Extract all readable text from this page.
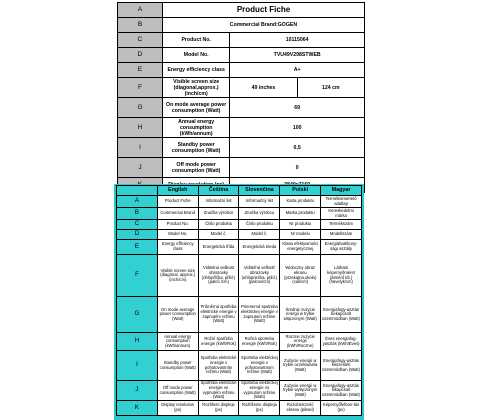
A	Product Fiche		
B	Commercial Brand:GOGEN		
C	Product No.	10115064	
D	Model No.	TVU49V298STWEB	
E	Energy efficiency class	A+	
F	Visible screen size (diagonal,approx.) (inch/cm)	49 inches	124 cm
G	On mode average power consumption (Watt)	69	
H	Annual energy consumption (kWh/annum)	100	
I	Standby power consumption (Watt)	0,5	
J	Off mode power consumption (Watt)	0	

	English	Čeština	Slovenčina	Polski	Magyar
A	Product Fiche	Informační list	Informačný list	Karta produktu	Termékismertető adatlap
B	Commercial Brand	Značka výrobce	Značka výrobcu	Marka produktu	Kereskedelmi márka
C	Product No.	Číslo produktu	Číslo produktu	Nr produktu	Termékszám
D	Model No.	Model č.	Model č.	Nr modelu	Modellszám
E	Energy efficiency class	Energetická třída	Energetická trieda	Klasa efektywności energetycznej	Energiahatékony-sági osztály
F	Visible screen size (diagonal, approx.) (inch/cm)	Viditelná velikost obrazovky (úhlopříčka, přibl.) (palců /cm)	Viditeľná veľkosť obrazovky (uhlopriečka, pribl.) (palcov/cm)	Widoczny obraz ekranu (przekątna,około) (cali/cm)	Látható képernyőméret (átmérő kb.) (hüvelyk/cm)
G	On mode average power consumption (Watt)	Průměrná spotřeba elektrické energie v zapnutém režimu (Watt)	Priemerná spotreba elektrickej energie v zapnutom režime (Watt)	Średnie zużycie energii w trybie włączonym (Watt)	Energiafogy-asztás bekapcsolt üzemmódban (Watt)
H	Annual energy consumption (kWh/annum)	Roční spotřeba energie (kWh/Rok)	Ročná spotreba energie (kWh/Rok)	Roczne zużycie energii (kWh/Roczne)	Éves energiafog-yasztás (kWh/Éves)
I	Standby power consumption (Watt)	Spotřeba elektrické energie v pohotovostním režimu (Watt)	Spotreba elektrickej energie v pohotovostnom režime (Watt)	Zużycie energii w trybie oczekiwania (Watt)	Energiafogy-asztás készenléti üzemmódban (Watt)
J	Off mode power consumption (Watt)	Spotřeba elektrické energie ve vypnutém režimu (Watt)	Spotreba elektrickej energie vo vypnutom režime (Watt)	Zużycie energii w trybie wyłączonym (Watt)	Energiafogy-asztás kikapcsolt üzemmódban (Watt)
K	Display resolution (px)	Rozlišení displeje (px)	Rozlíšenie displeja (px)	Rozdzielczość ekranu (piksel)	Képernyőfelbon-tás (px)
